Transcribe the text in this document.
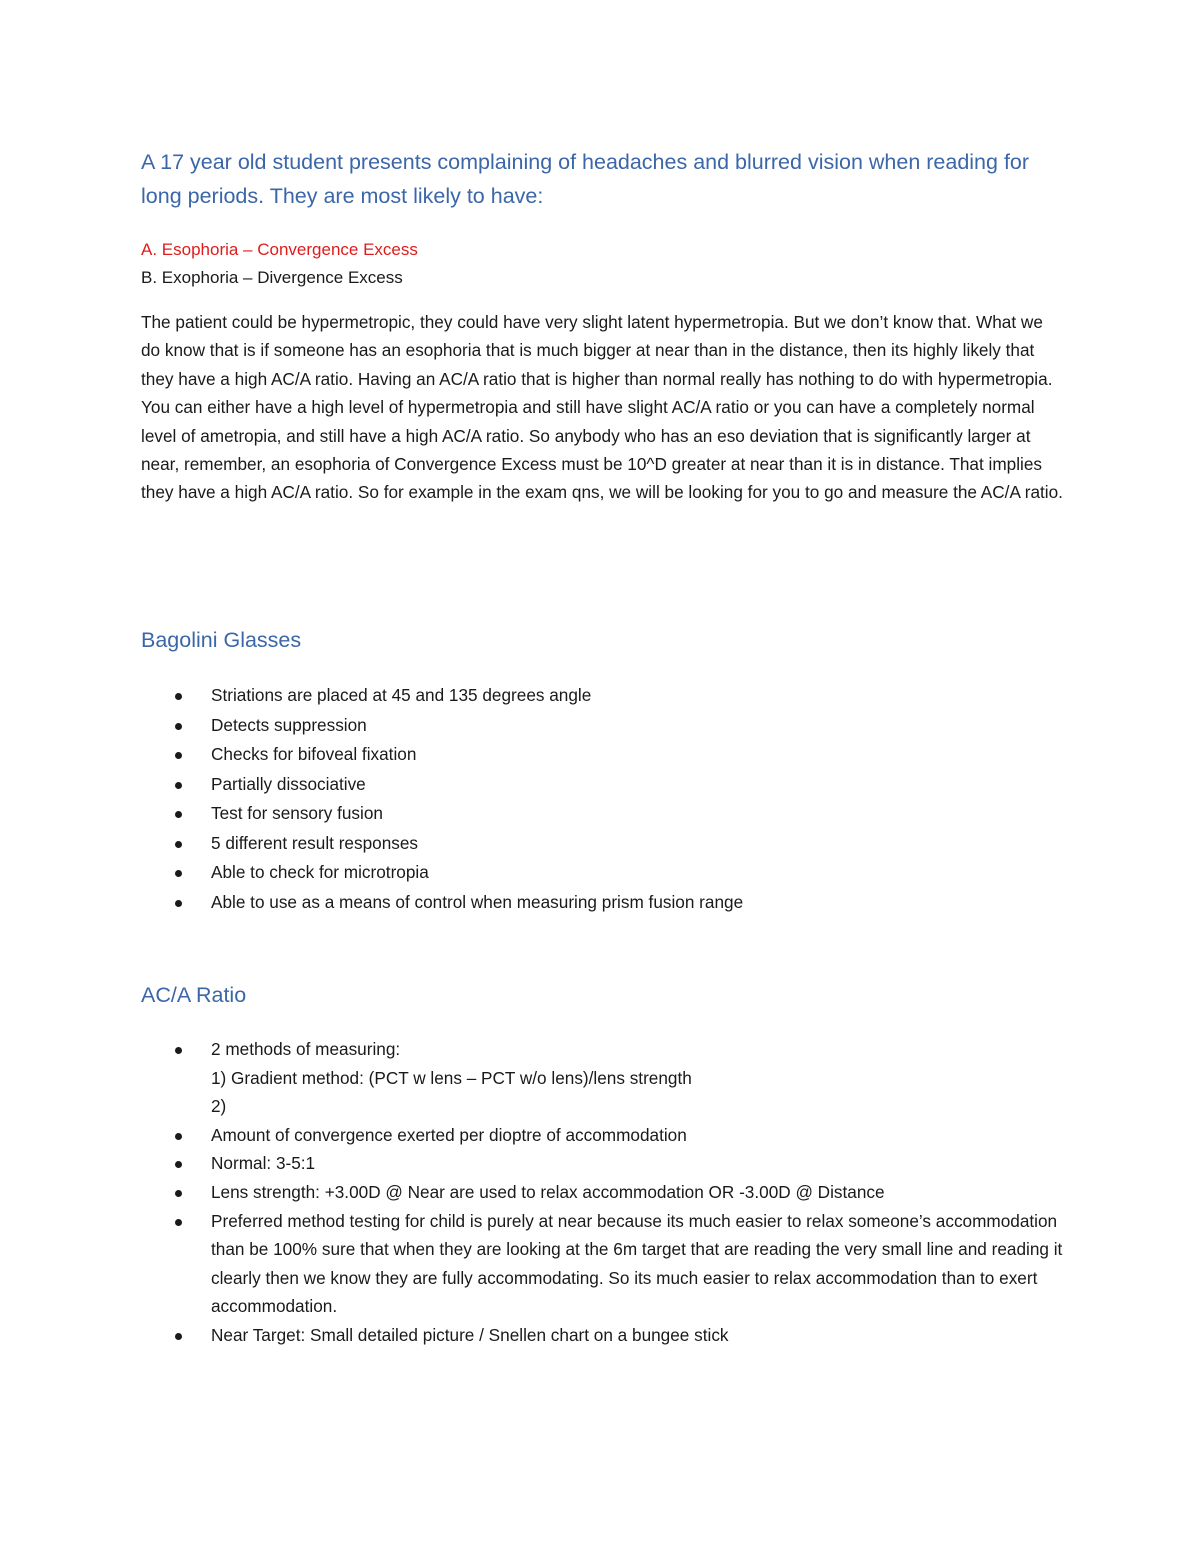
A 17 year old student presents complaining of headaches and blurred vision when reading for long periods. They are most likely to have:

A. Esophoria – Convergence Excess

B. Exophoria – Divergence Excess

The patient could be hypermetropic, they could have very slight latent hypermetropia. But we don’t know that. What we do know that is if someone has an esophoria that is much bigger at near than in the distance, then its highly likely that they have a high AC/A ratio. Having an AC/A ratio that is higher than normal really has nothing to do with hypermetropia. You can either have a high level of hypermetropia and still have slight AC/A ratio or you can have a completely normal level of ametropia, and still have a high AC/A ratio. So anybody who has an eso deviation that is significantly larger at near, remember, an esophoria of Convergence Excess must be 10^D greater at near than it is in distance. That implies they have a high AC/A ratio. So for example in the exam qns, we will be looking for you to go and measure the AC/A ratio.

Bagolini Glasses
Striations are placed at 45 and 135 degrees angle
Detects suppression
Checks for bifoveal fixation
Partially dissociative
Test for sensory fusion
5 different result responses
Able to check for microtropia
Able to use as a means of control when measuring prism fusion range
AC/A Ratio
2 methods of measuring:
1) Gradient method: (PCT w lens – PCT w/o lens)/lens strength
2)
Amount of convergence exerted per dioptre of accommodation
Normal: 3-5:1
Lens strength: +3.00D @ Near are used to relax accommodation OR -3.00D @ Distance
Preferred method testing for child is purely at near because its much easier to relax someone’s accommodation than be 100% sure that when they are looking at the 6m target that are reading the very small line and reading it clearly then we know they are fully accommodating. So its much easier to relax accommodation than to exert accommodation.
Near Target: Small detailed picture / Snellen chart on a bungee stick
